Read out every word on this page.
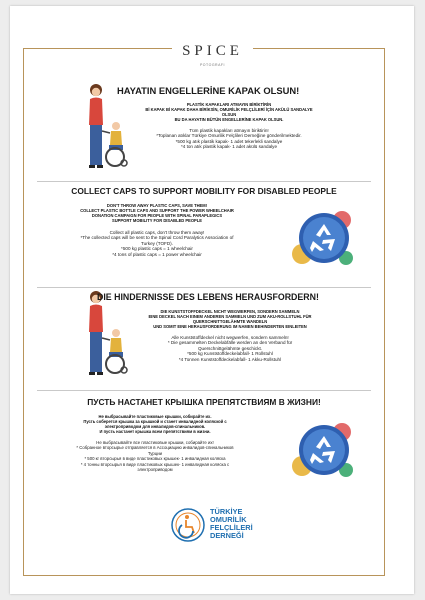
SPICE
POTOGRAFI
HAYATIN ENGELLERİNE KAPAK OLSUN!
PLASTİK KAPAKLARI ATMAYIN BİRİKTİRİN
Bİ KAPAK Bİ KAPAK DAHA BİRİKSİN, OMURİLİK FELÇLİLERİ İÇİN AKÜLÜ SANDALYE
OLSUN
BU DA HAYATIN BÜTÜN ENGELLERİNE KAPAK OLSUN.
Tüm plastik kapakları atmayın biriktirin!
*Toplanan atıklar Türkiye Omurilik Felçlileri Derneğine gönderilmektedir.
*500 kg atık plastik kapak- 1 adet tekerlekli sandalye
*4 ton atık plastik kapak- 1 adet akülü sandalye
COLLECT CAPS TO SUPPORT MOBILITY FOR DISABLED PEOPLE
DON'T THROW AWAY PLASTIC CAPS, SAVE THEM!
COLLECT PLASTIC BOTTLE CAPS AND SUPPORT THE POWER WHEELCHAIR
DONATION CAMPAIGN FOR PEOPLE WITH SPINAL PARAPLEGICS
SUPPORT MOBILITY FOR DISABLED PEOPLE
Collect all plastic caps, don't throw them away!
*The collected caps will be sent to the Spinal Cord Paralytics Association of
Turkey (TOFD).
*500 kg plastic caps = 1 wheelchair
*4 tons of plastic caps = 1 power wheelchair
DIE HINDERNISSE DES LEBENS HERAUSFORDERN!
DIE KUNSTSTOFFDECKEL NICHT WEGWERFEN, SONDERN SAMMELN
EINE DECKEL NACH EINEM ANDEREN SAMMELN UND ZUM AKU-ROLLSTUHL FÜR
QUERSCHNITTGELÄHMTE WANDELN
UND SOMIT EINE HERAUSFORDERUNG IM NAMEN BEHINDERTEN EINLEITEN
Alle Kunststoffdeckel nicht wegwerfen, sondern sammeln!
* Die gesammelten Deckelabfälle werden an den Verband für
Querschnittgelähmte geschickt.
*500 kg Kunststoffdeckelabfall- 1 Rollstuhl
*4 Tonnen Kunststoffdeckelabfall- 1 Akku-Rollstuhl
ПУСТЬ НАСТАНЕТ КРЫШКА ПРЕПЯТСТВИЯМ В ЖИЗНИ!
Не выбрасывайте пластиковые крышки, собирайте их.
Пусть соберется крышка за крышкой и станет инвалидной коляской с
электроприводом для инвалидов-спинальников.
И пусть настанет крышка всем препятствиям в жизни.
Не выбрасывайте все пластиковые крышки, собирайте их!
* Собранное вторсырье отправляется в Ассоциацию инвалидов-спинальников
Турции
* 500 кг вторсырья в виде пластиковых крышек- 1 инвалидная коляска
* 4 тонны вторсырья в виде пластиковых крышек- 1 инвалидная коляска с
электроприводом
TÜRKİYE
OMURİLİK
FELÇLİLERİ
DERNEĞİ
